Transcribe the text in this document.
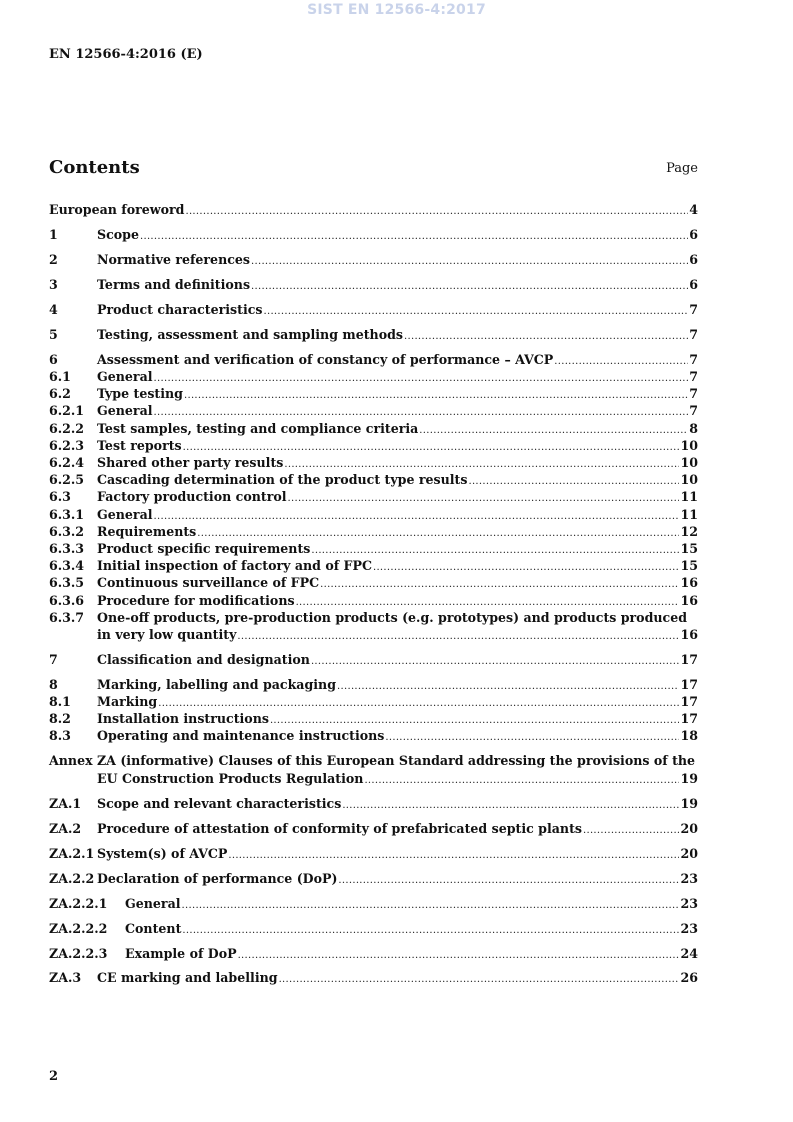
SIST EN 12566-4:2017
EN 12566-4:2016 (E)
Contents	Page
European foreword .....	4
1	Scope .....	6
2	Normative references .....	6
3	Terms and definitions .....	6
4	Product characteristics .....	7
5	Testing, assessment and sampling methods .....	7
6	Assessment and verification of constancy of performance – AVCP .....	7
6.1	General .....	7
6.2	Type testing .....	7
6.2.1	General .....	7
6.2.2	Test samples, testing and compliance criteria .....	8
6.2.3	Test reports .....	10
6.2.4	Shared other party results .....	10
6.2.5	Cascading determination of the product type results .....	10
6.3	Factory production control .....	11
6.3.1	General .....	11
6.3.2	Requirements .....	12
6.3.3	Product specific requirements .....	15
6.3.4	Initial inspection of factory and of FPC .....	15
6.3.5	Continuous surveillance of FPC .....	16
6.3.6	Procedure for modifications .....	16
6.3.7	One-off products, pre-production products (e.g. prototypes) and products produced
in very low quantity .....	16
7	Classification and designation .....	17
8	Marking, labelling and packaging .....	17
8.1	Marking .....	17
8.2	Installation instructions .....	17
8.3	Operating and maintenance instructions .....	18
Annex ZA (informative) Clauses of this European Standard addressing the provisions of the
EU Construction Products Regulation .....	19
ZA.1	Scope and relevant characteristics .....	19
ZA.2	Procedure of attestation of conformity of prefabricated septic plants .....	20
ZA.2.1 System(s) of AVCP .....	20
ZA.2.2 Declaration of performance (DoP) .....	23
ZA.2.2.1	General .....	23
ZA.2.2.2	Content .....	23
ZA.2.2.3	Example of DoP .....	24
ZA.3	CE marking and labelling .....	26
2
